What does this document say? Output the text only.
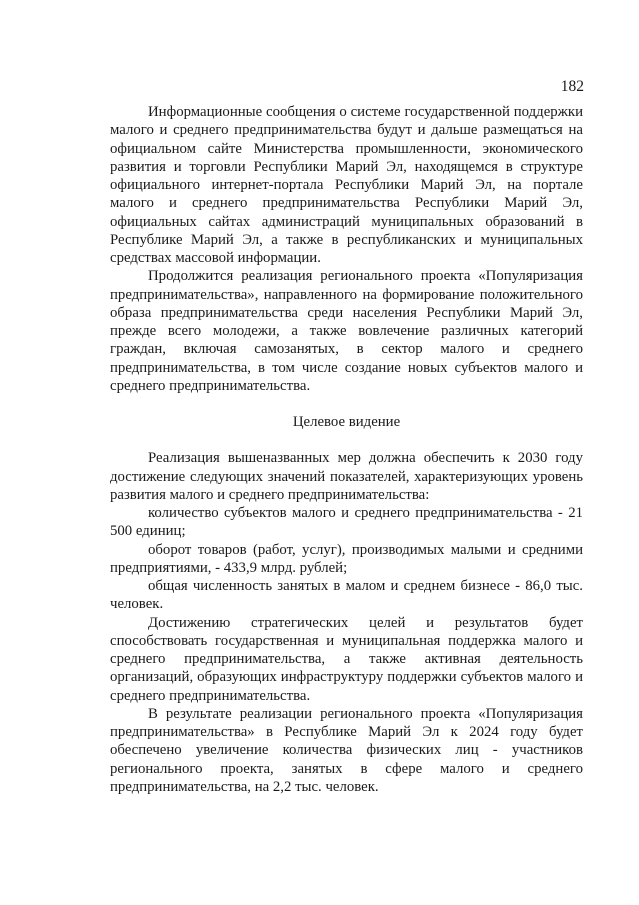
182

Информационные сообщения о системе государственной поддержки малого и среднего предпринимательства будут и дальше размещаться на официальном сайте Министерства промышленности, экономического развития и торговли Республики Марий Эл, находящемся в структуре официального интернет-портала Республики Марий Эл, на портале малого и среднего предпринимательства Республики Марий Эл, официальных сайтах администраций муниципальных образований в Республике Марий Эл, а также в республиканских и муниципальных средствах массовой информации.

Продолжится реализация регионального проекта «Популяризация предпринимательства», направленного на формирование положительного образа предпринимательства среди населения Республики Марий Эл, прежде всего молодежи, а также вовлечение различных категорий граждан, включая самозанятых, в сектор малого и среднего предпринимательства, в том числе создание новых субъектов малого и среднего предпринимательства.

Целевое видение

Реализация вышеназванных мер должна обеспечить к 2030 году достижение следующих значений показателей, характеризующих уровень развития малого и среднего предпринимательства:

количество субъектов малого и среднего предпринимательства - 21 500 единиц;

оборот товаров (работ, услуг), производимых малыми и средними предприятиями, - 433,9 млрд. рублей;

общая численность занятых в малом и среднем бизнесе - 86,0 тыс. человек.

Достижению стратегических целей и результатов будет способствовать государственная и муниципальная поддержка малого и среднего предпринимательства, а также активная деятельность организаций, образующих инфраструктуру поддержки субъектов малого и среднего предпринимательства.

В результате реализации регионального проекта «Популяризация предпринимательства» в Республике Марий Эл к 2024 году будет обеспечено увеличение количества физических лиц - участников регионального проекта, занятых в сфере малого и среднего предпринимательства, на 2,2 тыс. человек.
